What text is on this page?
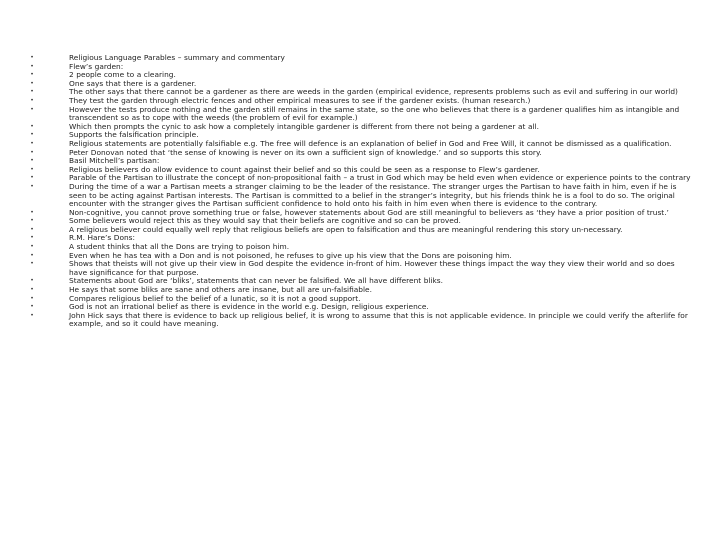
•	Religious Language Parables – summary and commentary
•	Flew’s garden:
•	2 people come to a clearing.
•	One says that there is a gardener.
•	The other says that there cannot be a gardener as there are weeds in the garden (empirical evidence, represents problems such as evil and suffering in our world)
•	They test the garden through electric fences and other empirical measures to see if the gardener exists. (human research.)
•	However the tests produce nothing and the garden still remains in the same state, so the one who believes that there is a gardener qualifies him as intangible and transcendent so as to cope with the weeds (the problem of evil for example.)
•	Which then prompts the cynic to ask how a completely intangible gardener is different from there not being a gardener at all.
•	Supports the falsification principle.
•	Religious statements are potentially falsifiable e.g. The free will defence is an explanation of belief in God and Free Will, it cannot be dismissed as a qualification.
•	Peter Donovan noted that ‘the sense of knowing is never on its own a sufficient sign of knowledge.’ and so supports this story.
•	Basil Mitchell’s partisan:
•	Religious believers do allow evidence to count against their belief and so this could be seen as a response to Flew’s gardener.
•	Parable of the Partisan to illustrate the concept of non-propositional faith – a trust in God which may be held even when evidence or experience points to the contrary
•	During the time of a war a Partisan meets a stranger claiming to be the leader of the resistance. The stranger urges the Partisan to have faith in him, even if he is seen to be acting against Partisan interests. The Partisan is committed to a belief in the stranger’s integrity, but his friends think he is a fool to do so. The original encounter with the stranger gives the Partisan sufficient confidence to hold onto his faith in him even when there is evidence to the contrary.
•	Non-cognitive, you cannot prove something true or false, however statements about God are still meaningful to believers as ‘they have a prior position of trust.’
•	Some believers would reject this as they would say that their beliefs are cognitive and so can be proved.
•	A religious believer could equally well reply that religious beliefs are open to falsification and thus are meaningful rendering this story un-necessary.
•	R.M. Hare’s Dons:
•	A student thinks that all the Dons are trying to poison him.
•	Even when he has tea with a Don and is not poisoned, he refuses to give up his view that the Dons are poisoning him.
•	Shows that theists will not give up their view in God despite the evidence in-front of him. However these things impact the way they view their world and so does have significance for that purpose.
•	Statements about God are ‘bliks’, statements that can never be falsified. We all have different bliks.
•	He says that some bliks are sane and others are insane, but all are un-falsifiable.
•	Compares religious belief to the belief of a lunatic, so it is not a good support.
•	God is not an irrational belief as there is evidence in the world e.g. Design, religious experience.
•	John Hick says that there is evidence to back up religious belief, it is wrong to assume that this is not applicable evidence. In principle we could verify the afterlife for example, and so it could have meaning.
